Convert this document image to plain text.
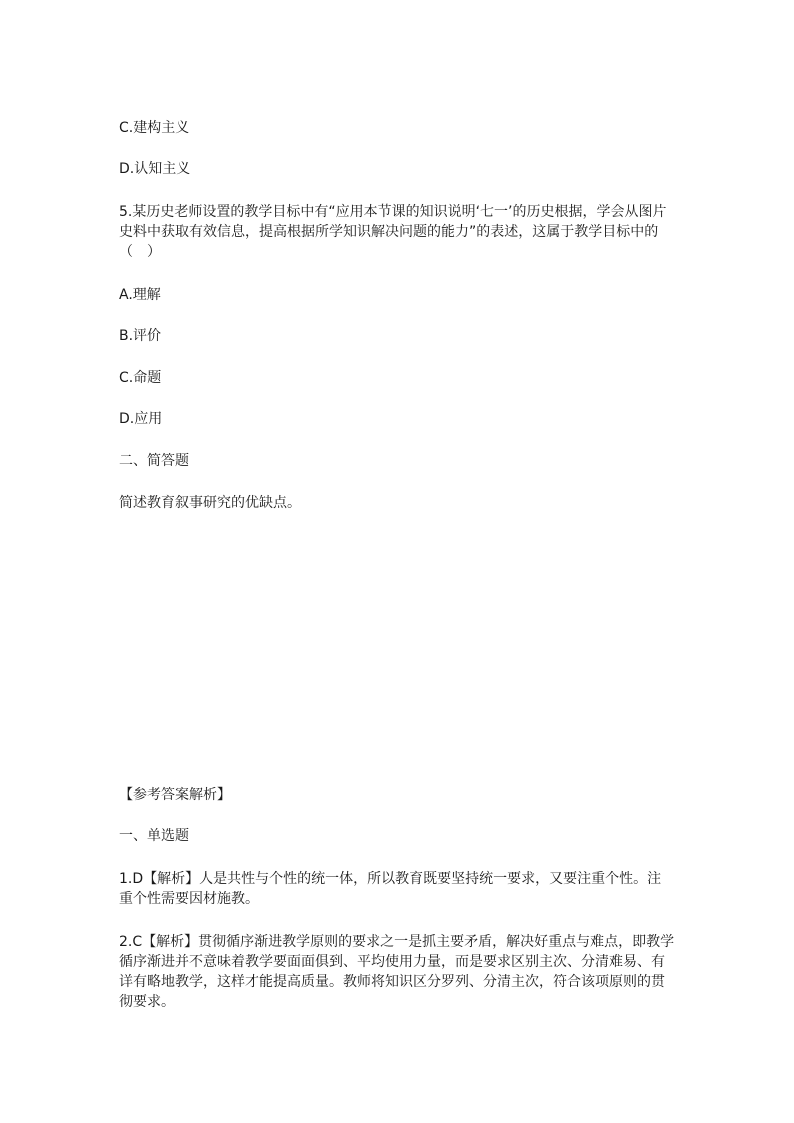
C.建构主义
D.认知主义
5.某历史老师设置的教学目标中有“应用本节课的知识说明‘七一’的历史根据，学会从图片史料中获取有效信息，提高根据所学知识解决问题的能力”的表述，这属于教学目标中的（　）
A.理解
B.评价
C.命题
D.应用
二、简答题
简述教育叙事研究的优缺点。
【参考答案解析】
一、单选题
1.D【解析】人是共性与个性的统一体，所以教育既要坚持统一要求，又要注重个性。注重个性需要因材施教。
2.C【解析】贯彻循序渐进教学原则的要求之一是抓主要矛盾，解决好重点与难点，即教学循序渐进并不意味着教学要面面俱到、平均使用力量，而是要求区别主次、分清难易、有详有略地教学，这样才能提高质量。教师将知识区分罗列、分清主次，符合该项原则的贯彻要求。
